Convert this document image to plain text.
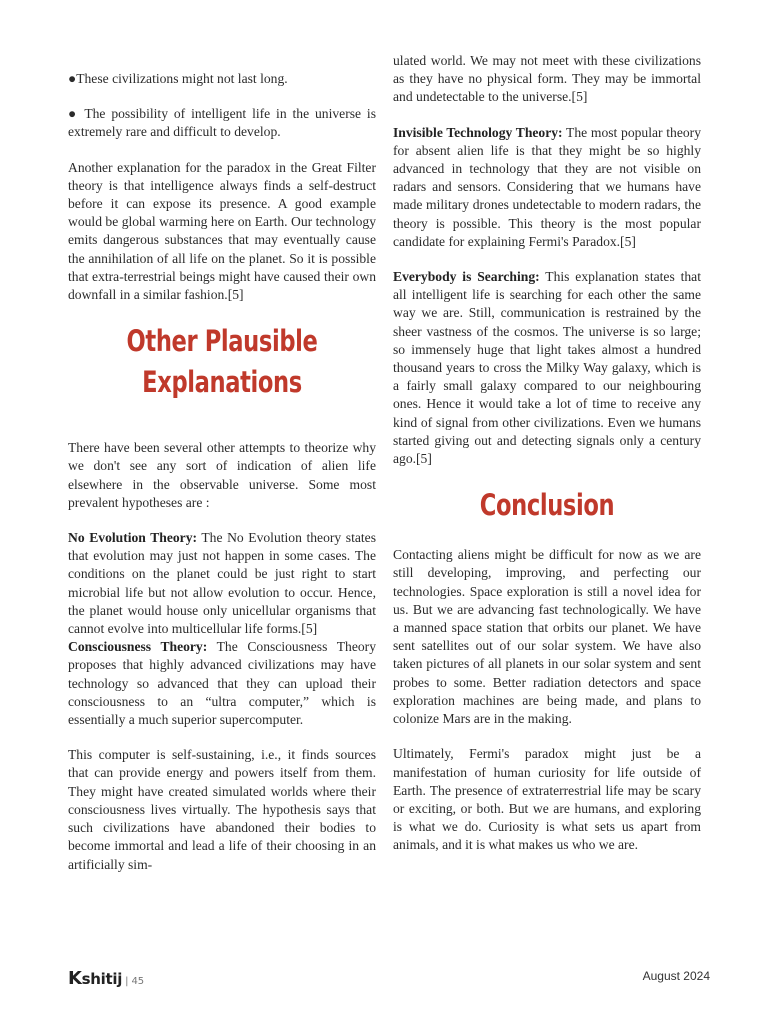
●These civilizations might not last long.

● The possibility of intelligent life in the universe is extremely rare and difficult to develop.

Another explanation for the paradox in the Great Filter theory is that intelligence always finds a self-destruct before it can expose its presence. A good example would be global warming here on Earth. Our technology emits dangerous substances that may eventually cause the annihilation of all life on the planet. So it is possible that extra-terrestrial beings might have caused their own downfall in a similar fashion.[5]

Other Plausible
Explanations

There have been several other attempts to theorize why we don't see any sort of indication of alien life elsewhere in the observable universe. Some most prevalent hypotheses are :

No Evolution Theory: The No Evolution theory states that evolution may just not happen in some cases. The conditions on the planet could be just right to start microbial life but not allow evolution to occur. Hence, the planet would house only unicellular organisms that cannot evolve into multicellular life forms.[5]

Consciousness Theory: The Consciousness Theory proposes that highly advanced civilizations may have technology so advanced that they can upload their consciousness to an “ultra computer,” which is essentially a much superior supercomputer.

This computer is self-sustaining, i.e., it finds sources that can provide energy and powers itself from them. They might have created simulated worlds where their consciousness lives virtually. The hypothesis says that such civilizations have abandoned their bodies to become immortal and lead a life of their choosing in an artificially sim-

ulated world. We may not meet with these civilizations as they have no physical form. They may be immortal and undetectable to the universe.[5]

Invisible Technology Theory: The most popular theory for absent alien life is that they might be so highly advanced in technology that they are not visible on radars and sensors. Considering that we humans have made military drones undetectable to modern radars, the theory is possible. This theory is the most popular candidate for explaining Fermi's Paradox.[5]

Everybody is Searching: This explanation states that all intelligent life is searching for each other the same way we are. Still, communication is restrained by the sheer vastness of the cosmos. The universe is so large; so immensely huge that light takes almost a hundred thousand years to cross the Milky Way galaxy, which is a fairly small galaxy compared to our neighbouring ones. Hence it would take a lot of time to receive any kind of signal from other civilizations. Even we humans started giving out and detecting signals only a century ago.[5]

Conclusion

Contacting aliens might be difficult for now as we are still developing, improving, and perfecting our technologies. Space exploration is still a novel idea for us. But we are advancing fast technologically. We have a manned space station that orbits our planet. We have sent satellites out of our solar system. We have also taken pictures of all planets in our solar system and sent probes to some. Better radiation detectors and space exploration machines are being made, and plans to colonize Mars are in the making.

Ultimately, Fermi's paradox might just be a manifestation of human curiosity for life outside of Earth. The presence of extraterrestrial life may be scary or exciting, or both. But we are humans, and exploring is what we do. Curiosity is what sets us apart from animals, and it is what makes us who we are.

Kshitij | 45	August 2024
